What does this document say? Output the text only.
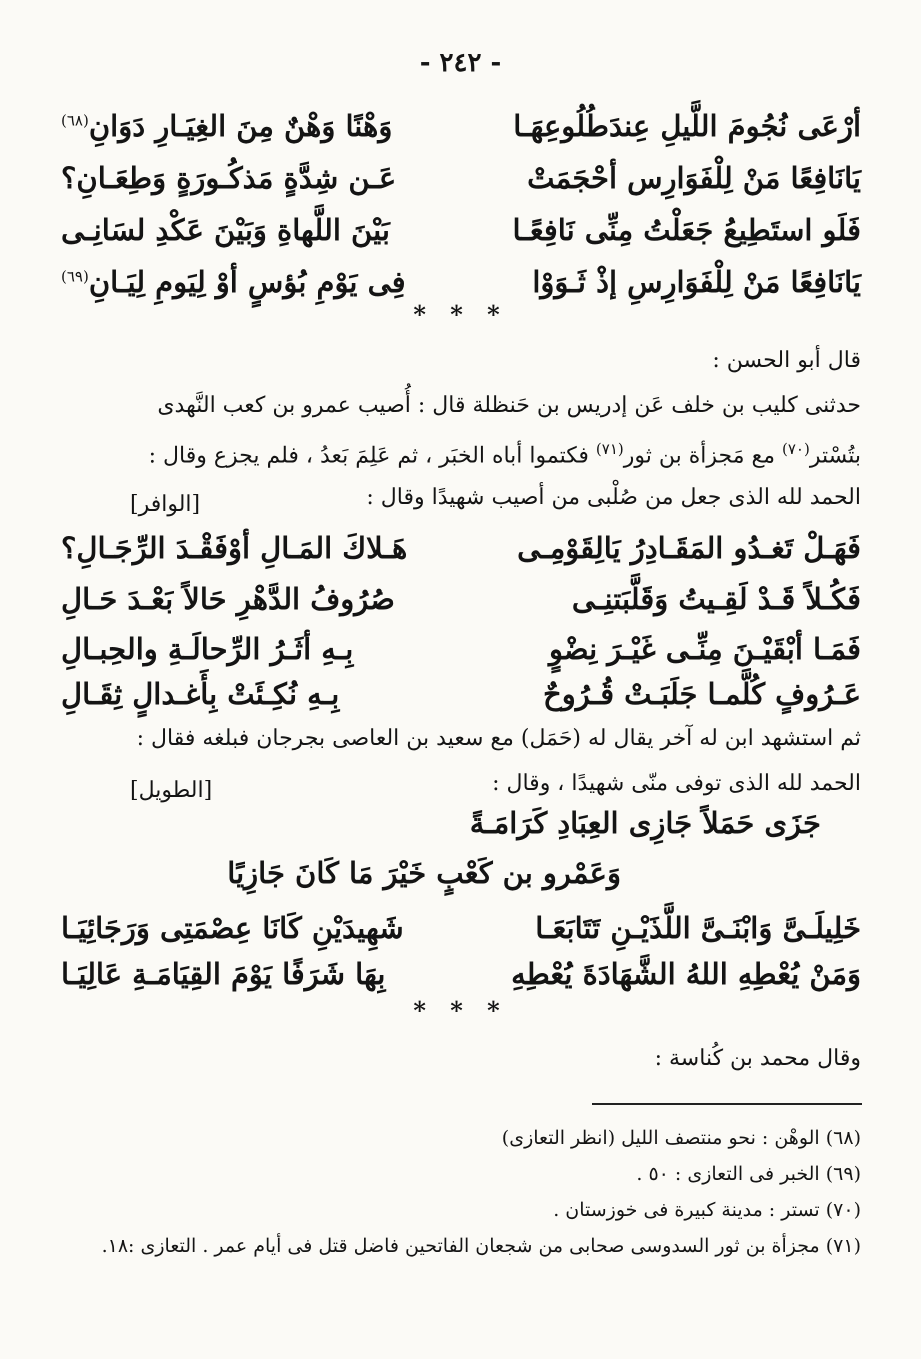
- ٢٤٢ -
أرْعَى نُجُومَ اللَّيلِ عِندَطُلُوعِهَـا
وَهْنًا وَهْنٌ مِنَ الغِيَـارِ دَوَانِ$^{(٦٨)}$
يَانَافِعًا مَنْ لِلْفَوَارِس أحْجَمَتْ
عَـن شِدَّةٍ مَذكُـورَةٍ وَطِعَـانِ؟
فَلَو استَطِيعُ جَعَلْتُ مِنِّى نَافِعًـا
بَيْنَ اللَّهاةِ وَبَيْنَ عَكْدِ لسَانِـى
يَانَافِعًا مَنْ لِلْفَوَارِسِ إذْ ثَـوَوْا
فِى يَوْمِ بُؤسٍ أوْ لِيَومِ لِيَـانِ$^{(٦٩)}$
* * *
قال أبو الحسن :
حدثنى كليب بن خلف عَن إدريس بن حَنظلة قال : أُصيب عمرو بن كعب النَّهدى
بتُسْتر$^{(٧٠)}$ مع مَجزأة بن ثور$^{(٧١)}$ فكتموا أباه الخبَر ، ثم عَلِمَ بَعدُ ، فلم يجزع وقال :
الحمد لله الذى جعل من صُلْبى من أصيب شهيدًا وقال :
[الوافر]
فَهَـلْ تَغـدُو المَقَـادِرُ يَالِقَوْمِـى
هَـلاكَ المَـالِ أوْفَقْـدَ الرِّجَـالِ؟
فَكُـلاً قَـدْ لَقِـيتُ وَقَلَّبَتنِـى
صُرُوفُ الدَّهْرِ حَالاً بَعْـدَ حَـالِ
فَمَـا أبْقَيْـنَ مِنِّـى غَيْـرَ نِضْوٍ
بِـهِ أثَـرُ الرِّحالَـةِ والحِبـالِ
عَـرُوفٍ كُلَّمـا جَلَبَـتْ قُـرُوحٌ
بِـهِ نُكِـئَتْ بِأَغـدالٍ ثِقَـالِ
ثم استشهد ابن له آخر يقال له (حَمَل) مع سعيد بن العاصى بجرجان فبلغه فقال :
الحمد لله الذى توفى منّى شهيدًا ، وقال :
[الطويل]
جَزَى حَمَلاً جَازِى العِبَادِ كَرَامَـةً
وَعَمْرو بن كَعْبٍ خَيْرَ مَا كَانَ جَازِيًا
خَلِيلَـىَّ وَابْنَـىَّ اللَّذَيْـنِ تَتَابَعَـا
شَهِيدَيْنِ كَانَا عِصْمَتِى وَرَجَائِيَـا
وَمَنْ يُعْطِهِ اللهُ الشَّهَادَةَ يُعْطِهِ
بِهَا شَرَفًا يَوْمَ القِيَامَـةِ عَالِيَـا
* * *
وقال محمد بن كُناسة :
(٦٨) الوهْن : نحو منتصف الليل (انظر التعازى)
(٦٩) الخبر فى التعازى : ٥٠ .
(٧٠) تستر : مدينة كبيرة فى خوزستان .
(٧١) مجزأة بن ثور السدوسى صحابى من شجعان الفاتحين فاضل قتل فى أيام عمر . التعازى :١٨.
